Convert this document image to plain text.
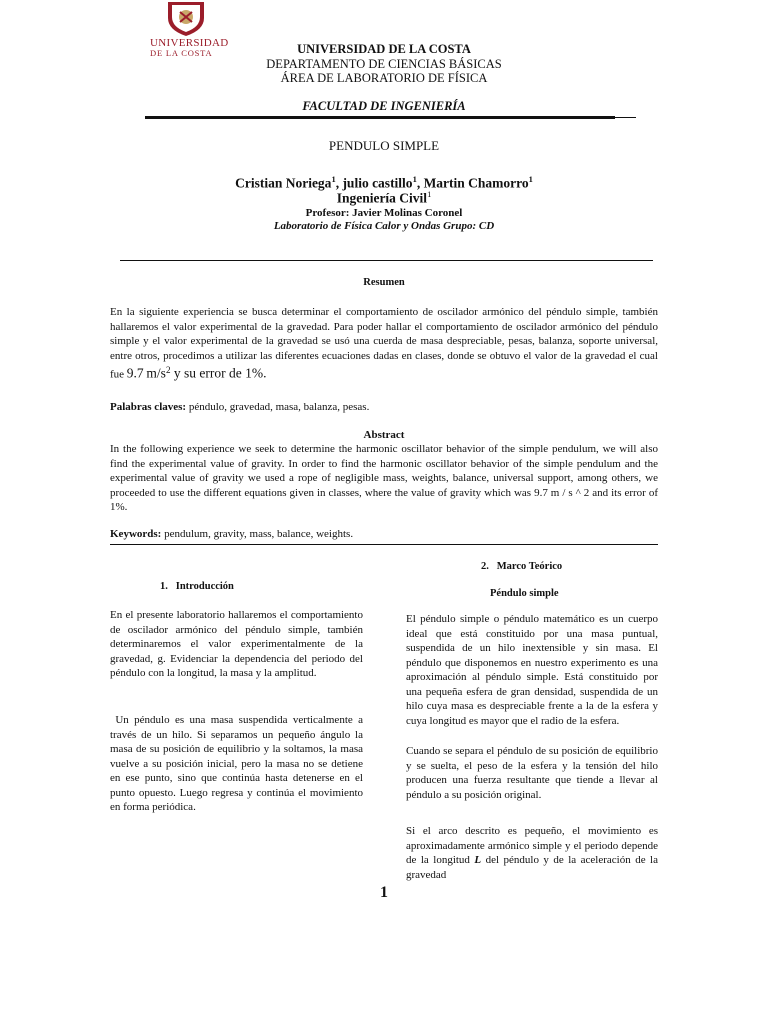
UNIVERSIDAD
DE LA COSTA	UNIVERSIDAD DE LA COSTA
DEPARTAMENTO DE CIENCIAS BÁSICAS
ÁREA DE LABORATORIO DE FÍSICA
FACULTAD DE INGENIERÍA
PENDULO SIMPLE
Cristian Noriega$^1$, julio castillo$^1$, Martin Chamorro$^1$
Ingeniería Civil$^1$
Profesor: Javier Molinas Coronel
Laboratorio de Física Calor y Ondas Grupo: CD
Resumen

En la siguiente experiencia se busca determinar el comportamiento de oscilador armónico del péndulo simple, también hallaremos el valor experimental de la gravedad. Para poder hallar el comportamiento de oscilador armónico del péndulo simple y el valor experimental de la gravedad se usó una cuerda de masa despreciable, pesas, balanza, soporte universal, entre otros, procedimos a utilizar las diferentes ecuaciones dadas en clases, donde se obtuvo el valor de la gravedad el cual fue 9.7 $m/s^2$ y su error de 1%.

Palabras claves: péndulo, gravedad, masa, balanza, pesas.

Abstract

In the following experience we seek to determine the harmonic oscillator behavior of the simple pendulum, we will also find the experimental value of gravity. In order to find the harmonic oscillator behavior of the simple pendulum and the experimental value of gravity we used a rope of negligible mass, weights, balance, universal support, among others, we proceeded to use the different equations given in classes, where the value of gravity which was 9.7 m / s ^ 2 and its error of 1%.

Keywords: pendulum, gravity, mass, balance, weights.

1.   Introducción

En el presente laboratorio hallaremos el comportamiento de oscilador armónico del péndulo simple, también determinaremos el valor experimentalmente de la gravedad, g. Evidenciar la dependencia del periodo del péndulo con la longitud, la masa y la amplitud.

Un péndulo es una masa suspendida verticalmente a través de un hilo. Si separamos un pequeño ángulo la masa de su posición de equilibrio y la soltamos, la masa vuelve a su posición inicial, pero la masa no se detiene en ese punto, sino que continúa hasta detenerse en el punto opuesto. Luego regresa y continúa el movimiento en forma periódica.

2.   Marco Teórico
Péndulo simple

El péndulo simple o péndulo matemático es un cuerpo ideal que está constituido por una masa puntual, suspendida de un hilo inextensible y sin masa. El péndulo que disponemos en nuestro experimento es una aproximación al péndulo simple. Está constituido por una pequeña esfera de gran densidad, suspendida de un hilo cuya masa es despreciable frente a la de la esfera y cuya longitud es mayor que el radio de la esfera.

Cuando se separa el péndulo de su posición de equilibrio y se suelta, el peso de la esfera y la tensión del hilo producen una fuerza resultante que tiende a llevar al péndulo a su posición original.

Si el arco descrito es pequeño, el movimiento es aproximadamente armónico simple y el periodo depende de la longitud L del péndulo y de la aceleración de la gravedad

1
